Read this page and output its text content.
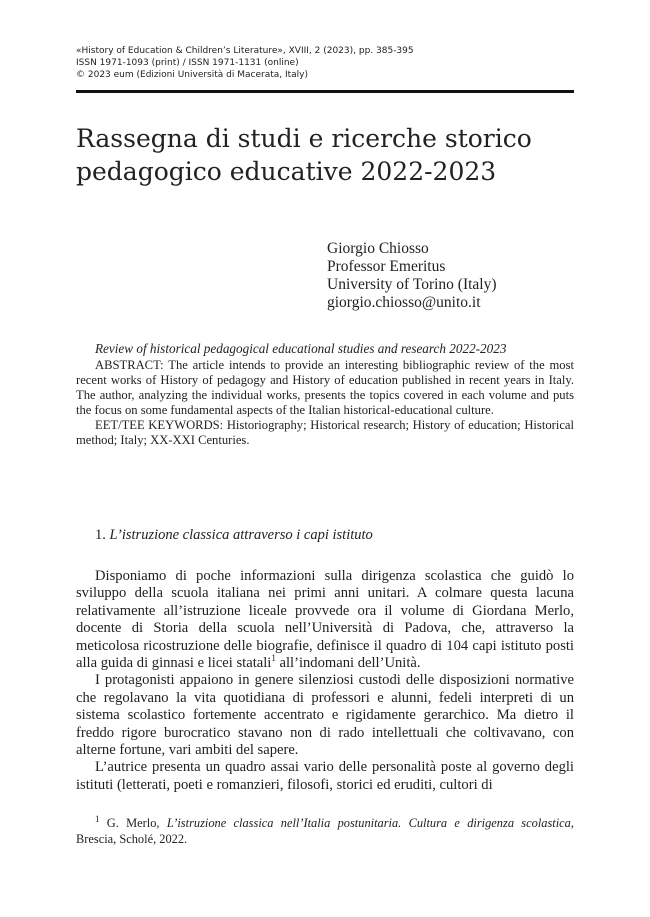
«History of Education & Children’s Literature», XVIII, 2 (2023), pp. 385-395
ISSN 1971-1093 (print) / ISSN 1971-1131 (online)
© 2023 eum (Edizioni Università di Macerata, Italy)
Rassegna di studi e ricerche storico
pedagogico educative 2022-2023
Giorgio Chiosso
Professor Emeritus
University of Torino (Italy)
giorgio.chiosso@unito.it

Review of historical pedagogical educational studies and research 2022-2023

ABSTRACT: The article intends to provide an interesting bibliographic review of the most recent works of History of pedagogy and History of education published in recent years in Italy. The author, analyzing the individual works, presents the topics covered in each volume and puts the focus on some fundamental aspects of the Italian historical-educational culture.

EET/TEE KEYWORDS: Historiography; Historical research; History of education; Historical method; Italy; XX-XXI Centuries.

1. L’istruzione classica attraverso i capi istituto

Disponiamo di poche informazioni sulla dirigenza scolastica che guidò lo sviluppo della scuola italiana nei primi anni unitari. A colmare questa lacuna relativamente all’istruzione liceale provvede ora il volume di Giordana Merlo, docente di Storia della scuola nell’Università di Padova, che, attraverso la meticolosa ricostruzione delle biografie, definisce il quadro di 104 capi istituto posti alla guida di ginnasi e licei statali$^1$ all’indomani dell’Unità.

I protagonisti appaiono in genere silenziosi custodi delle disposizioni normative che regolavano la vita quotidiana di professori e alunni, fedeli interpreti di un sistema scolastico fortemente accentrato e rigidamente gerarchico. Ma dietro il freddo rigore burocratico stavano non di rado intellettuali che coltivavano, con alterne fortune, vari ambiti del sapere.

L’autrice presenta un quadro assai vario delle personalità poste al governo degli istituti (letterati, poeti e romanzieri, filosofi, storici ed eruditi, cultori di

$^1$ G. Merlo, L’istruzione classica nell’Italia postunitaria. Cultura e dirigenza scolastica, Brescia, Scholé, 2022.
